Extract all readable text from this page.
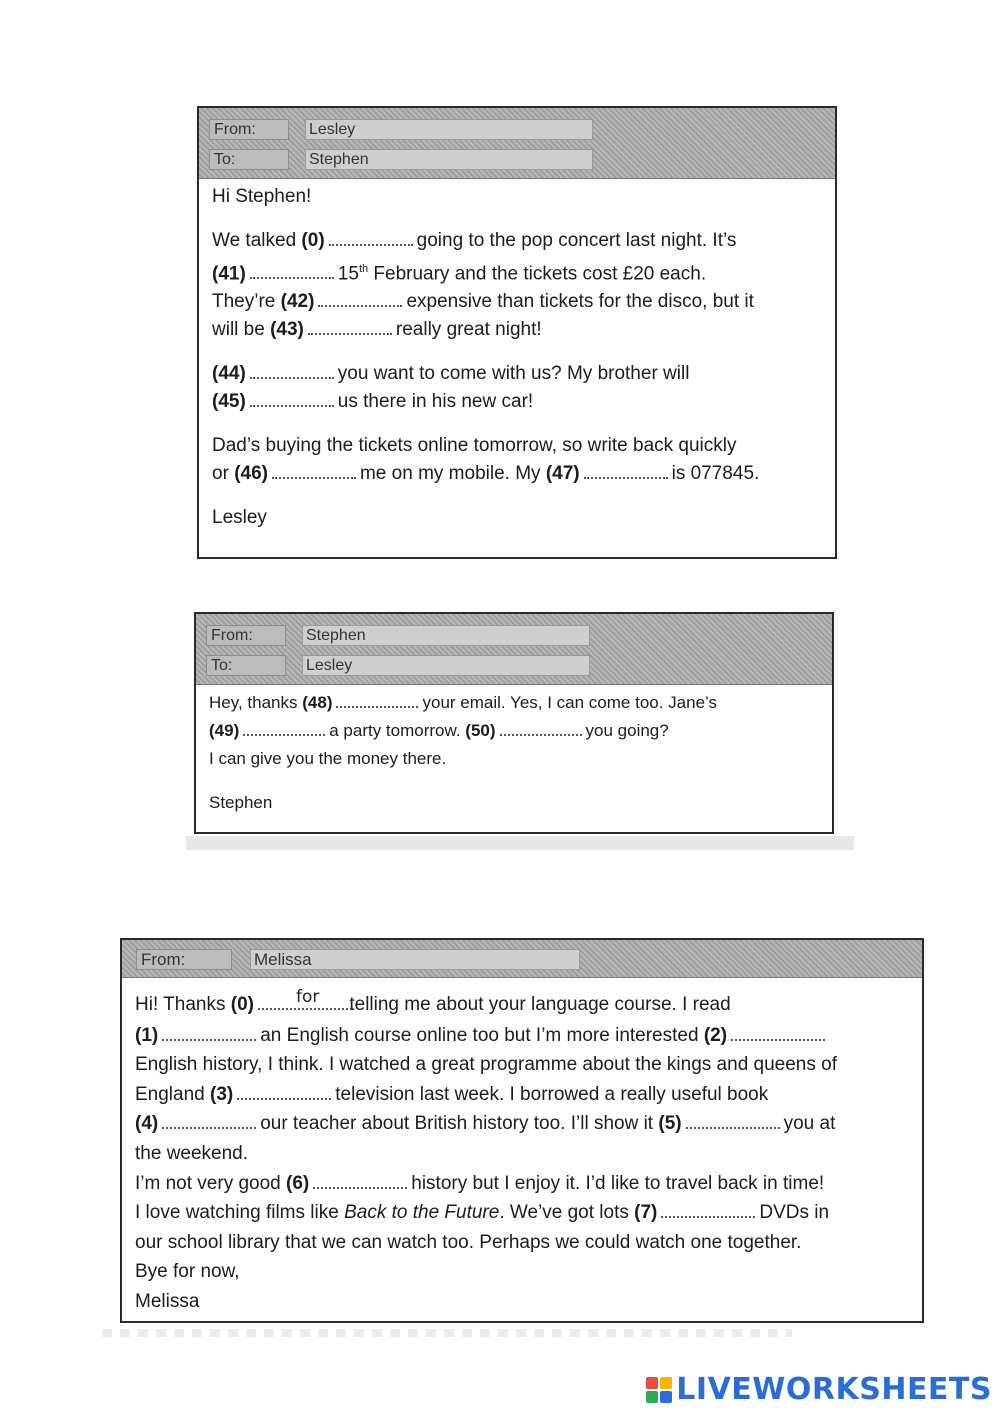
From:	Lesley
To:	Stephen
Hi Stephen!
We talked (0)	going to the pop concert last night. It’s
(41)	15th February and the tickets cost £20 each.
They’re (42)	expensive than tickets for the disco, but it
will be (43)	really great night!
(44)	you want to come with us? My brother will
(45)	us there in his new car!
Dad’s buying the tickets online tomorrow, so write back quickly
or (46)	me on my mobile. My (47)	is 077845.
Lesley
From:	Stephen
To:	Lesley
Hey, thanks (48)	your email. Yes, I can come too. Jane’s
(49)	a party tomorrow. (50)	you going?
I can give you the money there.
Stephen
From:	Melissa
Hi! Thanks (0) for telling me about your language course. I read
(1)	an English course online too but I’m more interested (2)
English history, I think. I watched a great programme about the kings and queens of
England (3)	television last week. I borrowed a really useful book
(4)	our teacher about British history too. I’ll show it (5)	you at
the weekend.
I’m not very good (6)	history but I enjoy it. I’d like to travel back in time!
I love watching films like Back to the Future. We’ve got lots (7)	DVDs in
our school library that we can watch too. Perhaps we could watch one together.
Bye for now,
Melissa
LIVEWORKSHEETS
